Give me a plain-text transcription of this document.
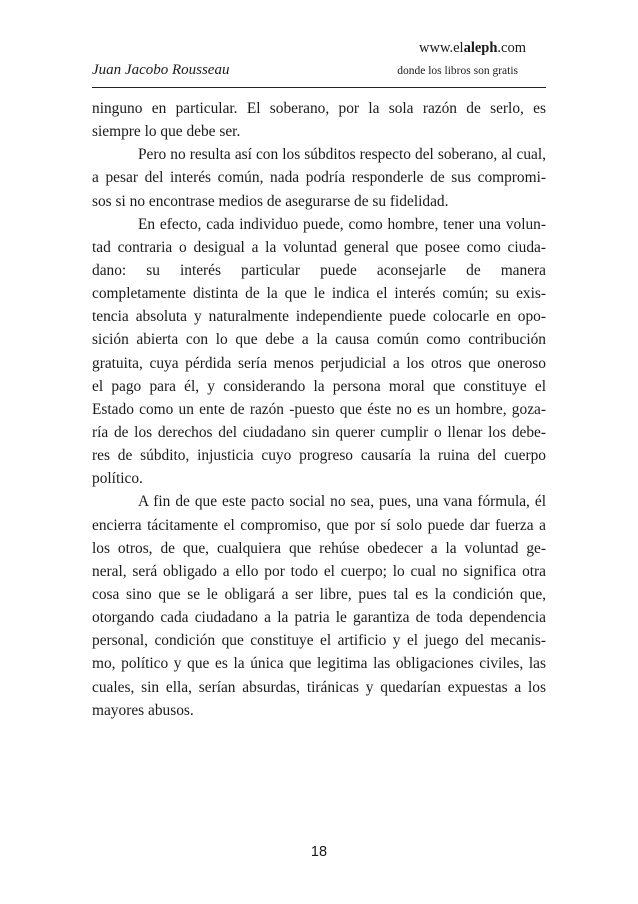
www.elaleph.com
Juan Jacobo Rousseau	donde los libros son gratis
ninguno en particular. El soberano, por la sola razón de serlo, es
siempre lo que debe ser.
Pero no resulta así con los súbditos respecto del soberano, al cual,
a pesar del interés común, nada podría responderle de sus compromi-
sos si no encontrase medios de asegurarse de su fidelidad.
En efecto, cada individuo puede, como hombre, tener una volun-
tad contraria o desigual a la voluntad general que posee como ciuda-
dano: su interés particular puede aconsejarle de manera
completamente distinta de la que le indica el interés común; su exis-
tencia absoluta y naturalmente independiente puede colocarle en opo-
sición abierta con lo que debe a la causa común como contribución
gratuita, cuya pérdida sería menos perjudicial a los otros que oneroso
el pago para él, y considerando la persona moral que constituye el
Estado como un ente de razón -puesto que éste no es un hombre, goza-
ría de los derechos del ciudadano sin querer cumplir o llenar los debe-
res de súbdito, injusticia cuyo progreso causaría la ruina del cuerpo
político.
A fin de que este pacto social no sea, pues, una vana fórmula, él
encierra tácitamente el compromiso, que por sí solo puede dar fuerza a
los otros, de que, cualquiera que rehúse obedecer a la voluntad ge-
neral, será obligado a ello por todo el cuerpo; lo cual no significa otra
cosa sino que se le obligará a ser libre, pues tal es la condición que,
otorgando cada ciudadano a la patria le garantiza de toda dependencia
personal, condición que constituye el artificio y el juego del mecanis-
mo, político y que es la única que legitima las obligaciones civiles, las
cuales, sin ella, serían absurdas, tiránicas y quedarían expuestas a los
mayores abusos.
18
